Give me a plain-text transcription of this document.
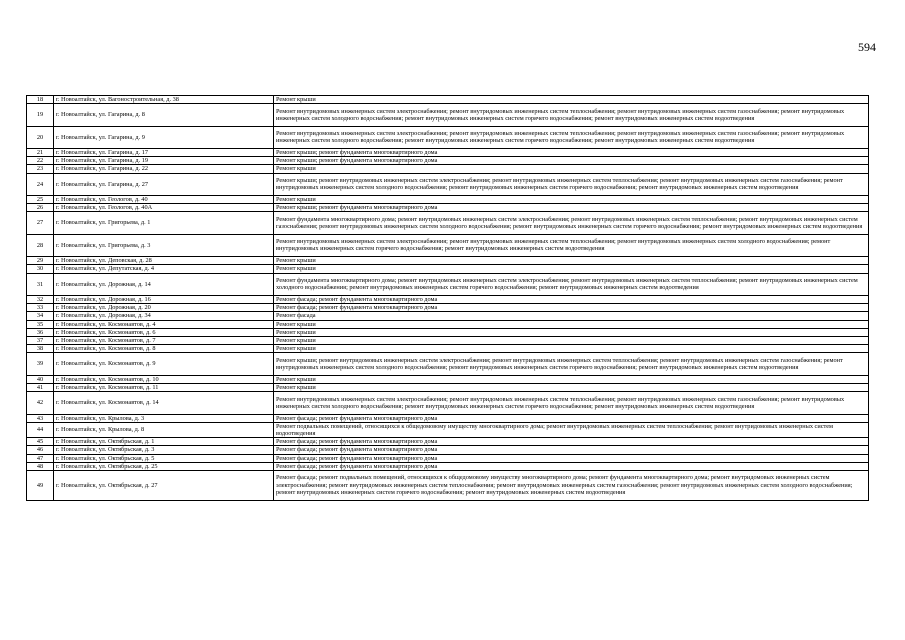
594
18	г. Новоалтайск, ул. Вагоностроительная, д. 38	Ремонт крыши
19	г. Новоалтайск, ул. Гагарина, д. 8	Ремонт внутридомовых инженерных систем электроснабжения; ремонт внутридомовых инженерных систем теплоснабжения; ремонт внутридомовых инженерных систем газоснабжения; ремонт внутридомовых инженерных систем холодного водоснабжения; ремонт внутридомовых инженерных систем горячего водоснабжения; ремонт внутридомовых инженерных систем водоотведения
20	г. Новоалтайск, ул. Гагарина, д. 9	Ремонт внутридомовых инженерных систем электроснабжения; ремонт внутридомовых инженерных систем теплоснабжения; ремонт внутридомовых инженерных систем газоснабжения; ремонт внутридомовых инженерных систем холодного водоснабжения; ремонт внутридомовых инженерных систем горячего водоснабжения; ремонт внутридомовых инженерных систем водоотведения
21	г. Новоалтайск, ул. Гагарина, д. 17	Ремонт крыши; ремонт фундамента многоквартирного дома
22	г. Новоалтайск, ул. Гагарина, д. 19	Ремонт крыши; ремонт фундамента многоквартирного дома
23	г. Новоалтайск, ул. Гагарина, д. 22	Ремонт крыши
24	г. Новоалтайск, ул. Гагарина, д. 27	Ремонт крыши; ремонт внутридомовых инженерных систем электроснабжения; ремонт внутридомовых инженерных систем теплоснабжения; ремонт внутридомовых инженерных систем газоснабжения; ремонт внутридомовых инженерных систем холодного водоснабжения; ремонт внутридомовых инженерных систем горячего водоснабжения; ремонт внутридомовых инженерных систем водоотведения
25	г. Новоалтайск, ул. Геологов, д. 40	Ремонт крыши
26	г. Новоалтайск, ул. Геологов, д. 40А	Ремонт крыши; ремонт фундамента многоквартирного дома
27	г. Новоалтайск, ул. Григорьева, д. 1	Ремонт фундамента многоквартирного дома; ремонт внутридомовых инженерных систем электроснабжения; ремонт внутридомовых инженерных систем теплоснабжения; ремонт внутридомовых инженерных систем газоснабжения; ремонт внутридомовых инженерных систем холодного водоснабжения; ремонт внутридомовых инженерных систем горячего водоснабжения; ремонт внутридомовых инженерных систем водоотведения
28	г. Новоалтайск, ул. Григорьева, д. 3	Ремонт внутридомовых инженерных систем электроснабжения; ремонт внутридомовых инженерных систем теплоснабжения; ремонт внутридомовых инженерных систем холодного водоснабжения; ремонт внутридомовых инженерных систем горячего водоснабжения; ремонт внутридомовых инженерных систем водоотведения
29	г. Новоалтайск, ул. Деповская, д. 28	Ремонт крыши
30	г. Новоалтайск, ул. Депутатская, д. 4	Ремонт крыши
31	г. Новоалтайск, ул. Дорожная, д. 14	Ремонт фундамента многоквартирного дома; ремонт внутридомовых инженерных систем электроснабжения; ремонт внутридомовых инженерных систем теплоснабжения; ремонт внутридомовых инженерных систем холодного водоснабжения; ремонт внутридомовых инженерных систем горячего водоснабжения; ремонт внутридомовых инженерных систем водоотведения
32	г. Новоалтайск, ул. Дорожная, д. 16	Ремонт фасада; ремонт фундамента многоквартирного дома
33	г. Новоалтайск, ул. Дорожная, д. 20	Ремонт фасада; ремонт фундамента многоквартирного дома
34	г. Новоалтайск, ул. Дорожная, д. 34	Ремонт фасада
35	г. Новоалтайск, ул. Космонавтов, д. 4	Ремонт крыши
36	г. Новоалтайск, ул. Космонавтов, д. 6	Ремонт крыши
37	г. Новоалтайск, ул. Космонавтов, д. 7	Ремонт крыши
38	г. Новоалтайск, ул. Космонавтов, д. 8	Ремонт крыши
39	г. Новоалтайск, ул. Космонавтов, д. 9	Ремонт крыши; ремонт внутридомовых инженерных систем электроснабжения; ремонт внутридомовых инженерных систем теплоснабжения; ремонт внутридомовых инженерных систем газоснабжения; ремонт внутридомовых инженерных систем холодного водоснабжения; ремонт внутридомовых инженерных систем горячего водоснабжения; ремонт внутридомовых инженерных систем водоотведения
40	г. Новоалтайск, ул. Космонавтов, д. 10	Ремонт крыши
41	г. Новоалтайск, ул. Космонавтов, д. 11	Ремонт крыши
42	г. Новоалтайск, ул. Космонавтов, д. 14	Ремонт внутридомовых инженерных систем электроснабжения; ремонт внутридомовых инженерных систем теплоснабжения; ремонт внутридомовых инженерных систем газоснабжения; ремонт внутридомовых инженерных систем холодного водоснабжения; ремонт внутридомовых инженерных систем горячего водоснабжения; ремонт внутридомовых инженерных систем водоотведения
43	г. Новоалтайск, ул. Крылова, д. 3	Ремонт фасада; ремонт фундамента многоквартирного дома
44	г. Новоалтайск, ул. Крылова, д. 8	Ремонт подвальных помещений, относящихся к общедомовому имуществу многоквартирного дома; ремонт внутридомовых инженерных систем теплоснабжения; ремонт внутридомовых инженерных систем водоотведения
45	г. Новоалтайск, ул. Октябрьская, д. 1	Ремонт фасада; ремонт фундамента многоквартирного дома
46	г. Новоалтайск, ул. Октябрьская, д. 3	Ремонт фасада; ремонт фундамента многоквартирного дома
47	г. Новоалтайск, ул. Октябрьская, д. 5	Ремонт фасада; ремонт фундамента многоквартирного дома
48	г. Новоалтайск, ул. Октябрьская, д. 25	Ремонт фасада; ремонт фундамента многоквартирного дома
49	г. Новоалтайск, ул. Октябрьская, д. 27	Ремонт фасада; ремонт подвальных помещений, относящихся к общедомовому имуществу многоквартирного дома; ремонт фундамента многоквартирного дома; ремонт внутридомовых инженерных систем электроснабжения; ремонт внутридомовых инженерных систем теплоснабжения; ремонт внутридомовых инженерных систем газоснабжения; ремонт внутридомовых инженерных систем холодного водоснабжения; ремонт внутридомовых инженерных систем горячего водоснабжения; ремонт внутридомовых инженерных систем водоотведения
